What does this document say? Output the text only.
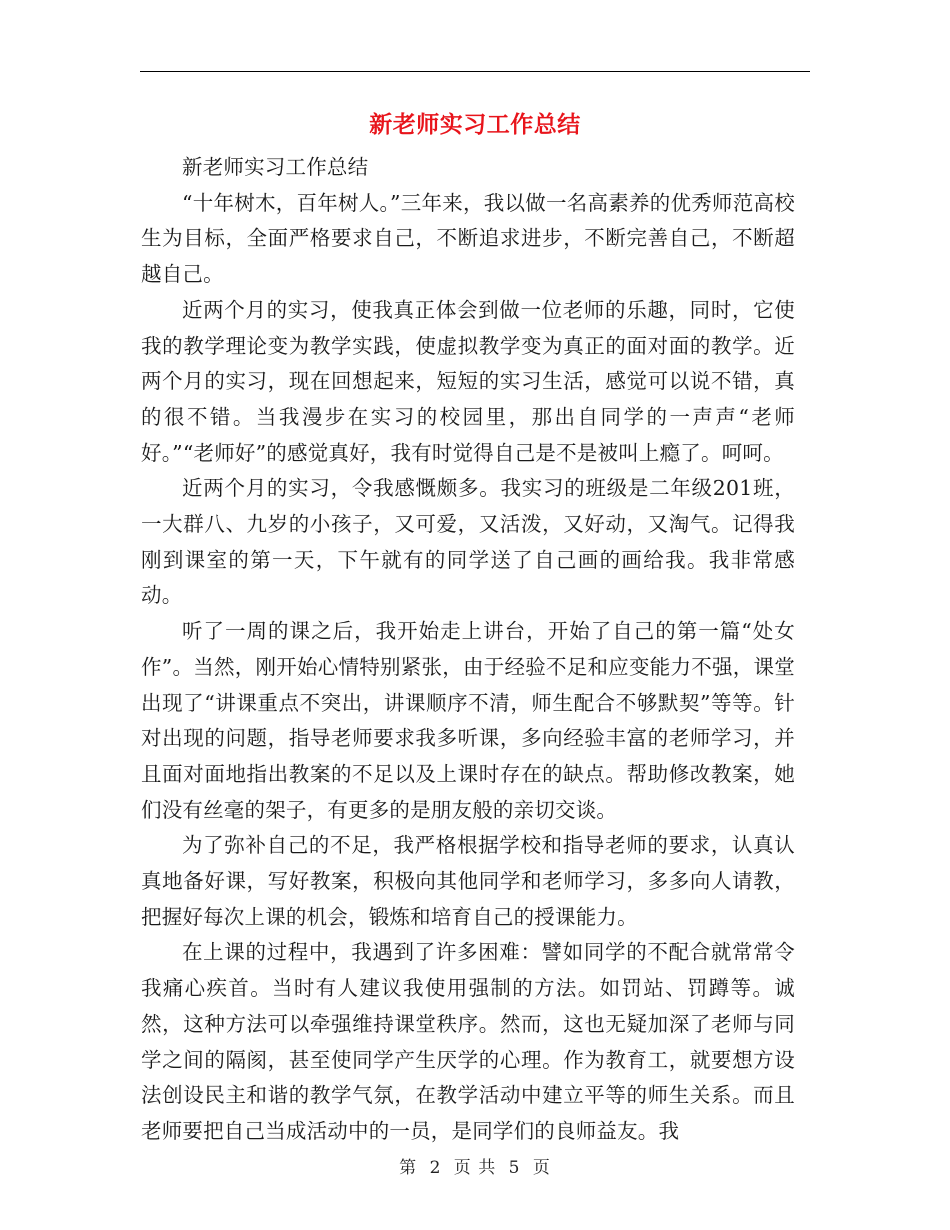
新老师实习工作总结

新老师实习工作总结

“十年树木，百年树人。”三年来，我以做一名高素养的优秀师范高校生为目标，全面严格要求自己，不断追求进步，不断完善自己，不断超越自己。

近两个月的实习，使我真正体会到做一位老师的乐趣，同时，它使我的教学理论变为教学实践，使虚拟教学变为真正的面对面的教学。近两个月的实习，现在回想起来，短短的实习生活，感觉可以说不错，真的很不错。当我漫步在实习的校园里，那出自同学的一声声“老师好。”“老师好”的感觉真好，我有时觉得自己是不是被叫上瘾了。呵呵。

近两个月的实习，令我感慨颇多。我实习的班级是二年级201班，一大群八、九岁的小孩子，又可爱，又活泼，又好动，又淘气。记得我刚到课室的第一天，下午就有的同学送了自己画的画给我。我非常感动。

听了一周的课之后，我开始走上讲台，开始了自己的第一篇“处女作”。当然，刚开始心情特别紧张，由于经验不足和应变能力不强，课堂出现了“讲课重点不突出，讲课顺序不清，师生配合不够默契”等等。针对出现的问题，指导老师要求我多听课，多向经验丰富的老师学习，并且面对面地指出教案的不足以及上课时存在的缺点。帮助修改教案，她们没有丝毫的架子，有更多的是朋友般的亲切交谈。

为了弥补自己的不足，我严格根据学校和指导老师的要求，认真认真地备好课，写好教案，积极向其他同学和老师学习，多多向人请教，把握好每次上课的机会，锻炼和培育自己的授课能力。

在上课的过程中，我遇到了许多困难：譬如同学的不配合就常常令我痛心疾首。当时有人建议我使用强制的方法。如罚站、罚蹲等。诚然，这种方法可以牵强维持课堂秩序。然而，这也无疑加深了老师与同学之间的隔阂，甚至使同学产生厌学的心理。作为教育工，就要想方设法创设民主和谐的教学气氛，在教学活动中建立平等的师生关系。而且老师要把自己当成活动中的一员，是同学们的良师益友。我

第 2 页 共 5 页
